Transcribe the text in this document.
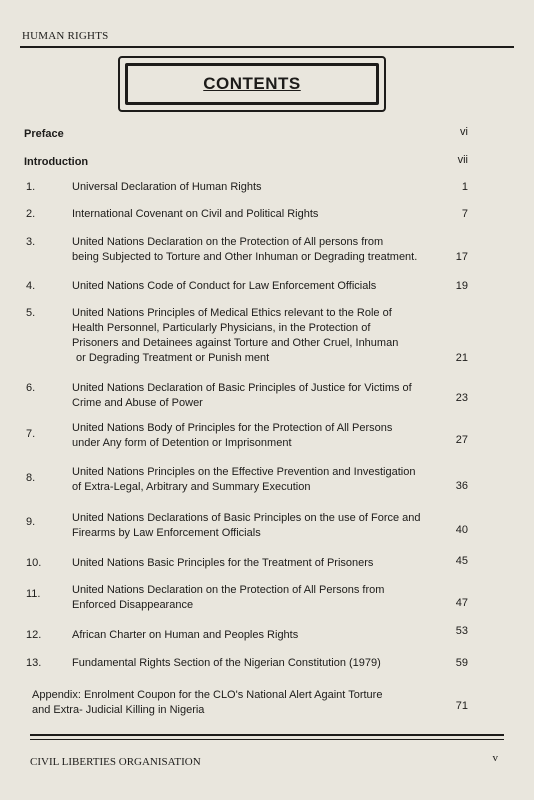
HUMAN RIGHTS
CONTENTS
Preface	vi
Introduction	vii
1.	Universal Declaration of Human Rights	1
2.	International Covenant on Civil and Political Rights	7
3.	United Nations Declaration on the Protection of All persons from
being Subjected to Torture and Other Inhuman or Degrading treatment.	17
4.	United Nations Code of Conduct for Law Enforcement Officials	19
5.	United Nations Principles of Medical Ethics relevant to the Role of
Health Personnel, Particularly Physicians, in the Protection of
Prisoners and Detainees against Torture and Other Cruel, Inhuman
or Degrading Treatment or Punish ment	21
6.	United Nations Declaration of Basic Principles of Justice for Victims of
Crime and Abuse of Power	23
7.	United Nations Body of Principles for the Protection of All Persons
under Any form of Detention or Imprisonment	27
8.	United Nations Principles on the Effective Prevention and Investigation
of Extra-Legal, Arbitrary and Summary Execution	36
9.	United Nations Declarations of Basic Principles on the use of Force and
Firearms by Law Enforcement Officials	40
10.	United Nations Basic Principles for the Treatment of Prisoners	45
11.	United Nations Declaration on the Protection of All Persons from
Enforced Disappearance	47
12.	African Charter on Human and Peoples Rights	53
13.	Fundamental Rights Section of the Nigerian Constitution (1979)	59
Appendix: Enrolment Coupon for the CLO's National Alert Againt Torture
and Extra- Judicial Killing in Nigeria	71
CIVIL LIBERTIES ORGANISATION	v
